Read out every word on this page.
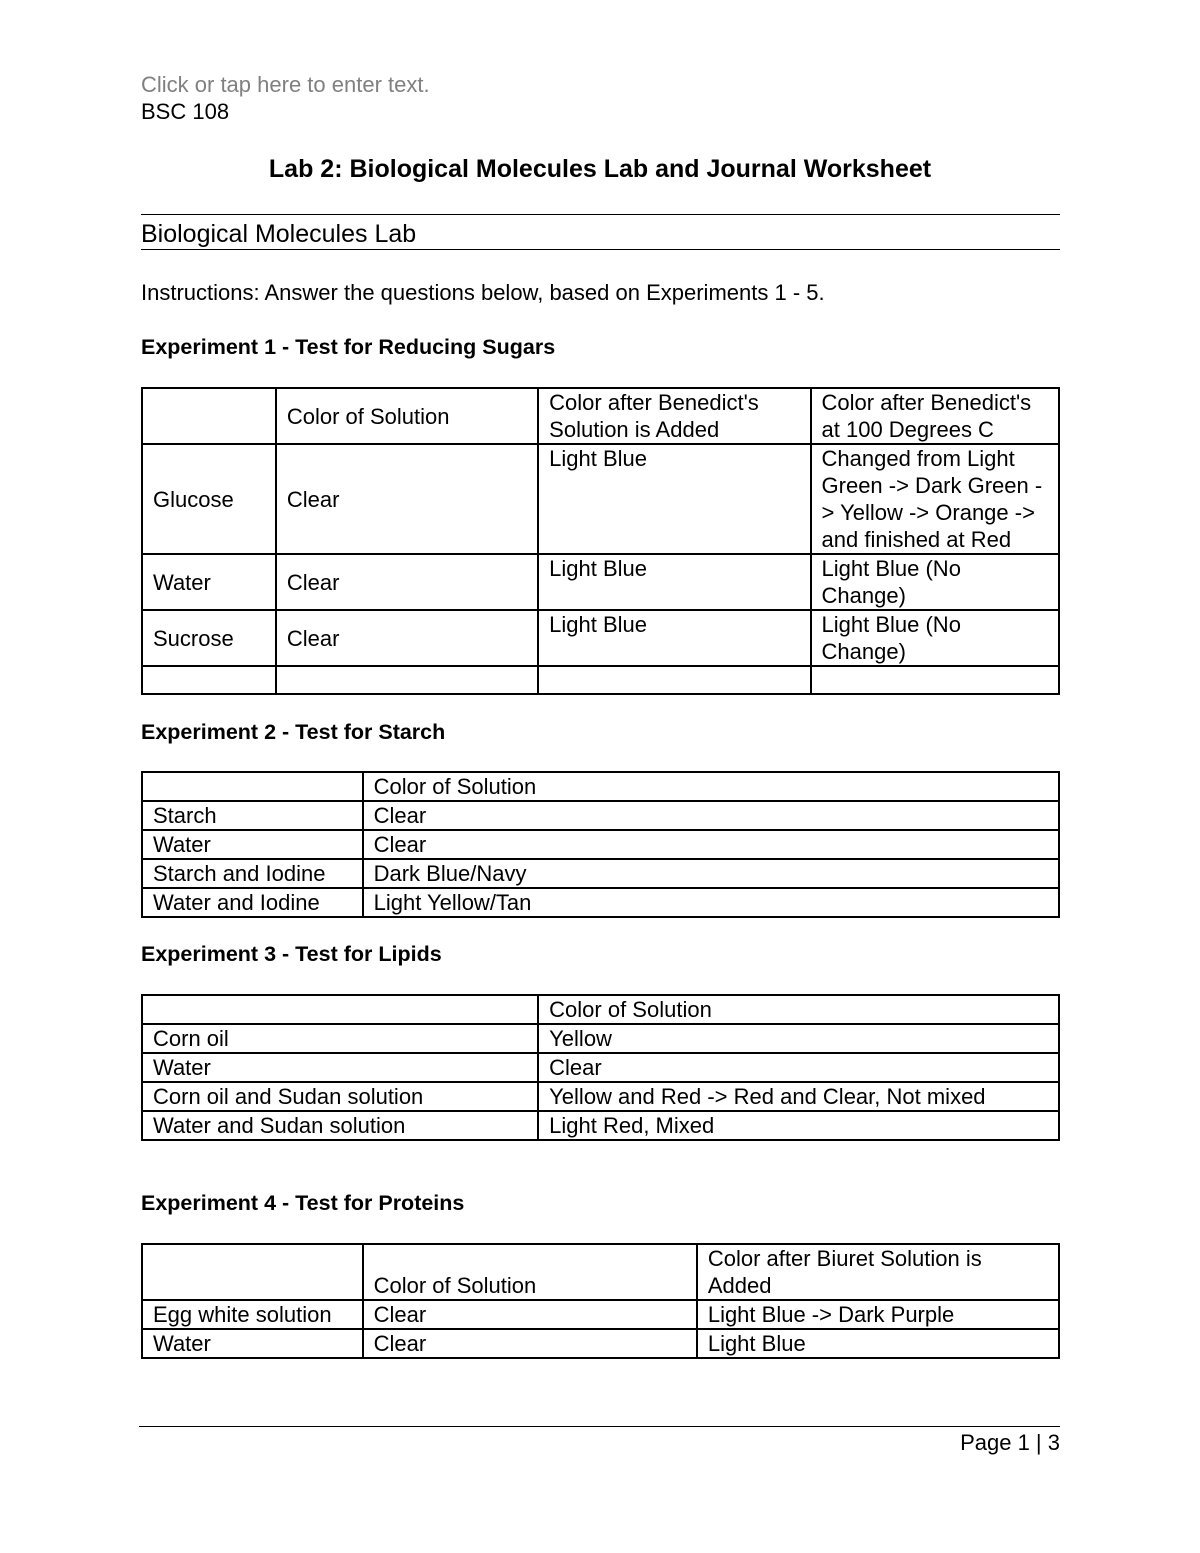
Click or tap here to enter text.
BSC 108
Lab 2: Biological Molecules Lab and Journal Worksheet
Biological Molecules Lab
Instructions: Answer the questions below, based on Experiments 1 - 5.
Experiment 1 - Test for Reducing Sugars
	Color of Solution	Color after Benedict's Solution is Added	Color after Benedict's at 100 Degrees C
Glucose	Clear	Light Blue	Changed from Light Green -> Dark Green -> Yellow -> Orange -> and finished at Red
Water	Clear	Light Blue	Light Blue (No Change)
Sucrose	Clear	Light Blue	Light Blue (No Change)

Experiment 2 - Test for Starch
	Color of Solution
Starch	Clear
Water	Clear
Starch and Iodine	Dark Blue/Navy
Water and Iodine	Light Yellow/Tan
Experiment 3 - Test for Lipids
	Color of Solution
Corn oil	Yellow
Water	Clear
Corn oil and Sudan solution	Yellow and Red -> Red and Clear, Not mixed
Water and Sudan solution	Light Red, Mixed
Experiment 4 - Test for Proteins
	Color of Solution	Color after Biuret Solution is Added
Egg white solution	Clear	Light Blue -> Dark Purple
Water	Clear	Light Blue
Page 1 | 3
